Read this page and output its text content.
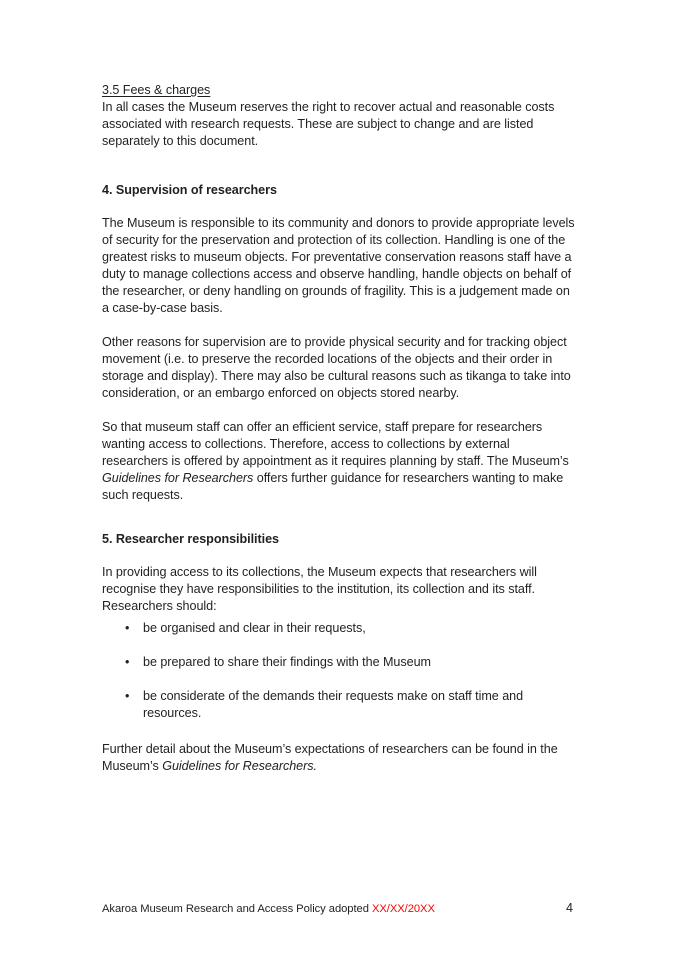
3.5 Fees & charges
In all cases the Museum reserves the right to recover actual and reasonable costs associated with research requests. These are subject to change and are listed separately to this document.
4. Supervision of researchers
The Museum is responsible to its community and donors to provide appropriate levels of security for the preservation and protection of its collection. Handling is one of the greatest risks to museum objects. For preventative conservation reasons staff have a duty to manage collections access and observe handling, handle objects on behalf of the researcher, or deny handling on grounds of fragility. This is a judgement made on a case-by-case basis.
Other reasons for supervision are to provide physical security and for tracking object movement (i.e. to preserve the recorded locations of the objects and their order in storage and display). There may also be cultural reasons such as tikanga to take into consideration, or an embargo enforced on objects stored nearby.
So that museum staff can offer an efficient service, staff prepare for researchers wanting access to collections. Therefore, access to collections by external researchers is offered by appointment as it requires planning by staff. The Museum’s Guidelines for Researchers offers further guidance for researchers wanting to make such requests.
5. Researcher responsibilities
In providing access to its collections, the Museum expects that researchers will recognise they have responsibilities to the institution, its collection and its staff. Researchers should:
• be organised and clear in their requests,
• be prepared to share their findings with the Museum
• be considerate of the demands their requests make on staff time and resources.
Further detail about the Museum’s expectations of researchers can be found in the Museum’s Guidelines for Researchers.
Akaroa Museum Research and Access Policy adopted XX/XX/20XX	4
